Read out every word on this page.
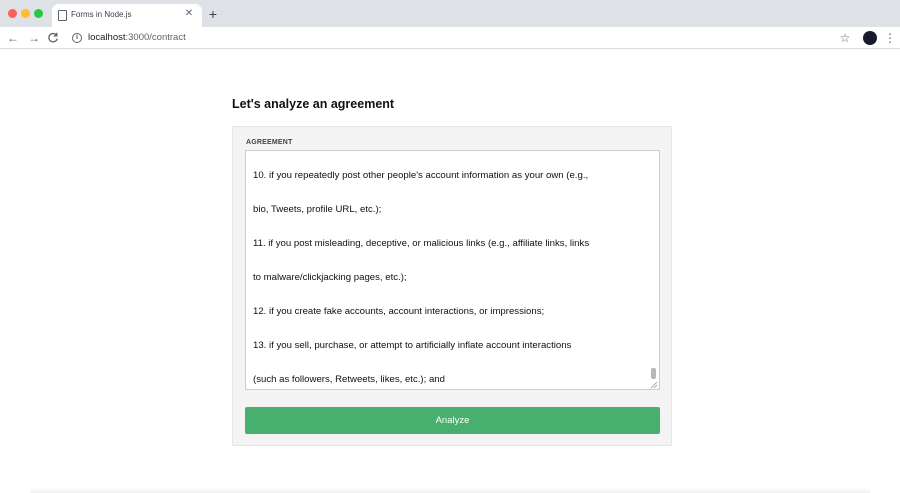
Forms in Node.js	✕ +
← →	i	localhost:3000/contract	☆	⋮
Let's analyze an agreement
AGREEMENT

10. if you repeatedly post other people's account information as your own (e.g.,

bio, Tweets, profile URL, etc.);

11. if you post misleading, deceptive, or malicious links (e.g., affiliate links, links

to malware/clickjacking pages, etc.);

12. if you create fake accounts, account interactions, or impressions;

13. if you sell, purchase, or attempt to artificially inflate account interactions

(such as followers, Retweets, likes, etc.); and

Analyze
